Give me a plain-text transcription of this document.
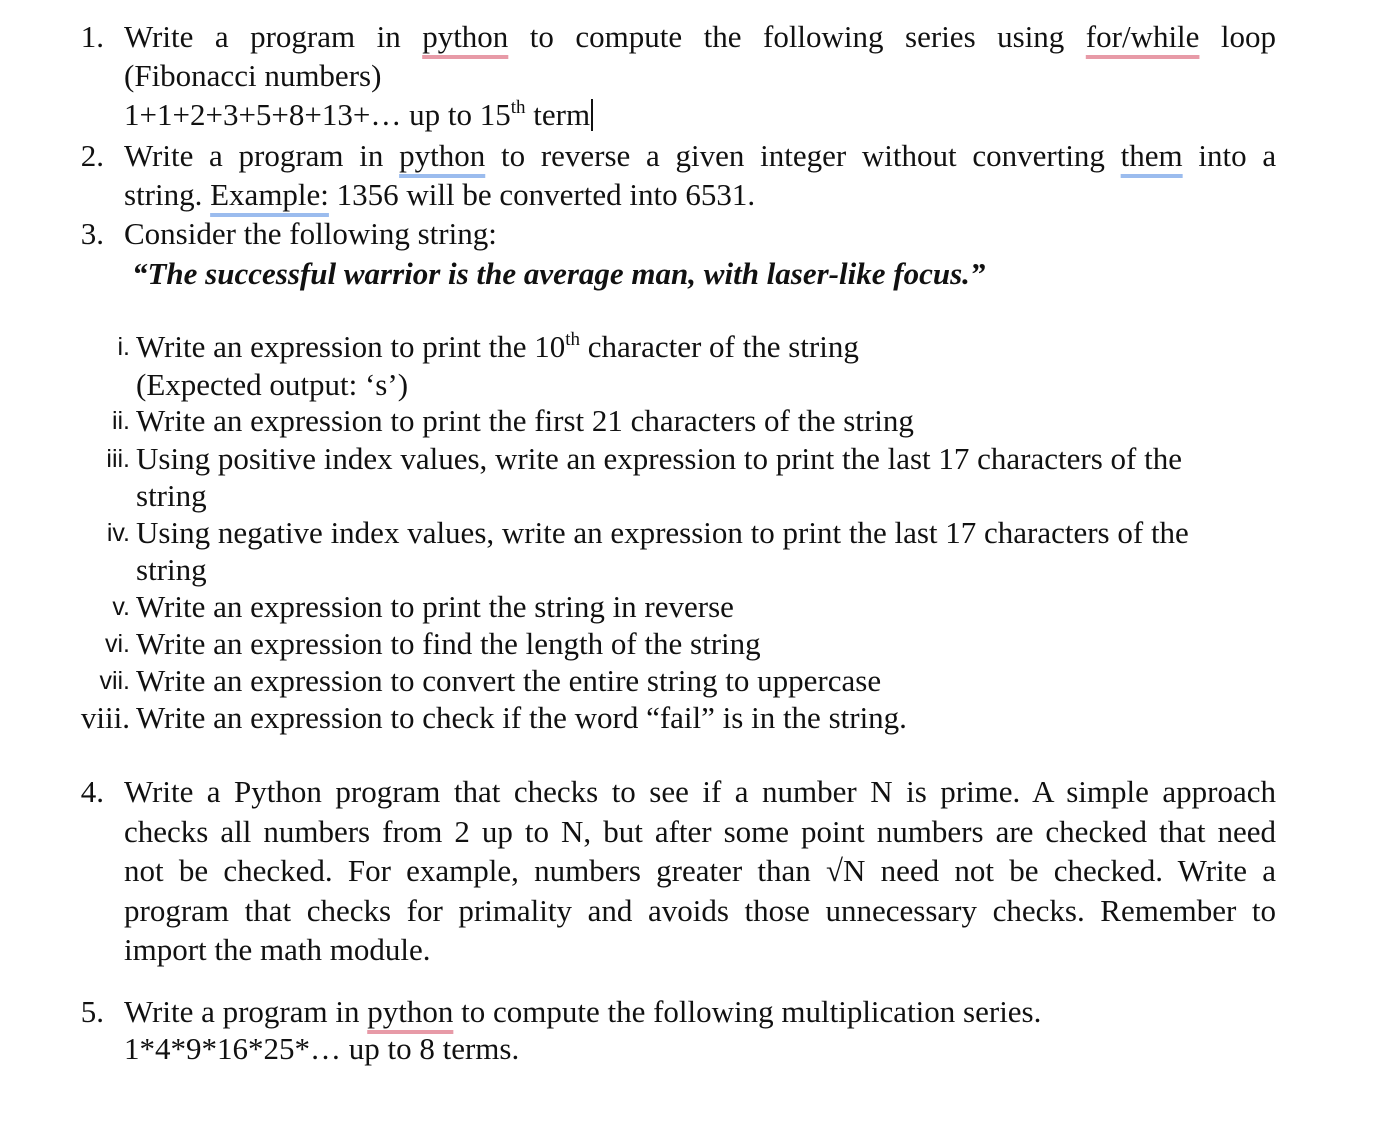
1. Write a program in python to compute the following series using for/while loop
(Fibonacci numbers)
1+1+2+3+5+8+13+… up to 15th term
2. Write a program in python to reverse a given integer without converting them into a
string. Example: 1356 will be converted into 6531.
3. Consider the following string:
“The successful warrior is the average man, with laser-like focus.”
i. Write an expression to print the 10th character of the string
(Expected output: ‘s’)
ii. Write an expression to print the first 21 characters of the string
iii. Using positive index values, write an expression to print the last 17 characters of the
string
iv. Using negative index values, write an expression to print the last 17 characters of the
string
v. Write an expression to print the string in reverse
vi. Write an expression to find the length of the string
vii. Write an expression to convert the entire string to uppercase
viii. Write an expression to check if the word “fail” is in the string.
4. Write a Python program that checks to see if a number N is prime. A simple approach
checks all numbers from 2 up to N, but after some point numbers are checked that need
not be checked. For example, numbers greater than √N need not be checked. Write a
program that checks for primality and avoids those unnecessary checks. Remember to
import the math module.
5. Write a program in python to compute the following multiplication series.
1*4*9*16*25*… up to 8 terms.
